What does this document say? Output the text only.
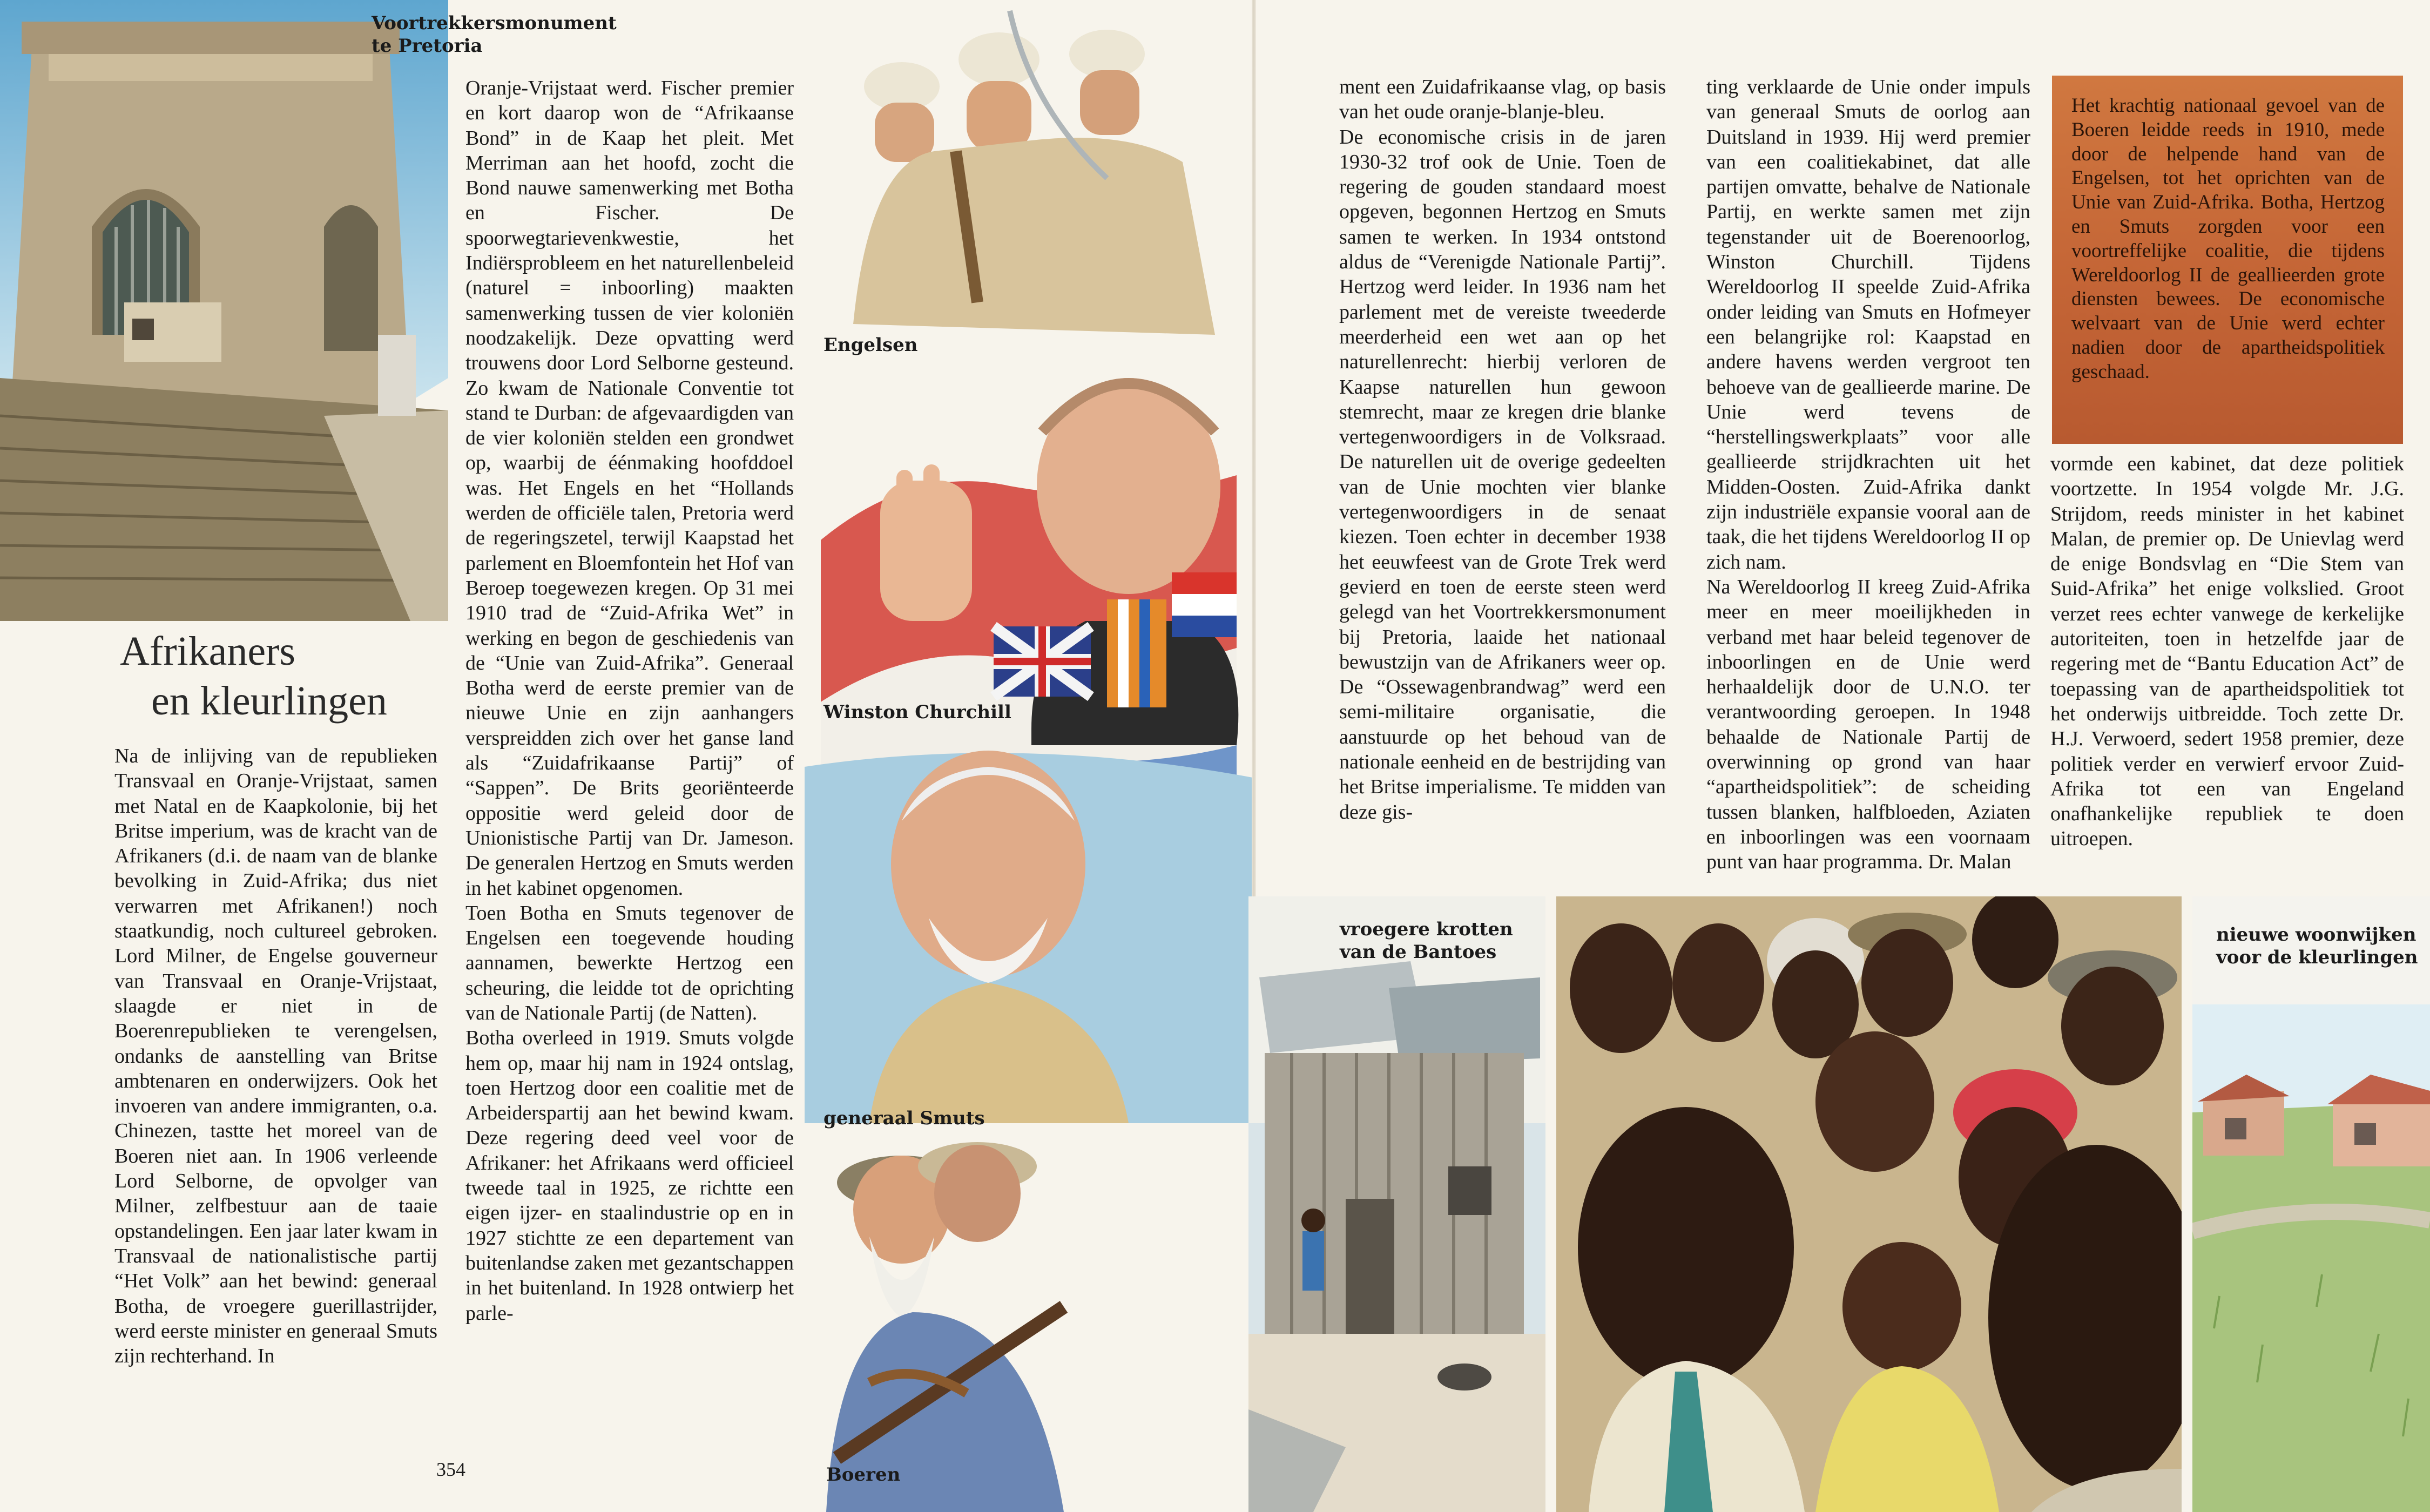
Voortrekkersmonument
te Pretoria
Afrikaners
en kleurlingen
Na de inlijving van de republieken Transvaal en Oranje-Vrijstaat, samen met Natal en de Kaapkolonie, bij het Britse imperium, was de kracht van de Afrikaners (d.i. de naam van de blanke bevolking in Zuid-Afrika; dus niet verwarren met Afrikanen!) noch staatkundig, noch cultureel gebroken. Lord Milner, de Engelse gouverneur van Transvaal en Oranje-Vrijstaat, slaagde er niet in de Boerenrepublieken te verengelsen, ondanks de aanstelling van Britse ambtenaren en onderwijzers. Ook het invoeren van andere immigranten, o.a. Chinezen, tastte het moreel van de Boeren niet aan. In 1906 verleende Lord Selborne, de opvolger van Milner, zelfbestuur aan de taaie opstandelingen. Een jaar later kwam in Transvaal de nationalistische partij “Het Volk” aan het bewind: generaal Botha, de vroegere guerillastrijder, werd eerste minister en generaal Smuts zijn rechterhand. In
Oranje-Vrijstaat werd. Fischer premier en kort daarop won de “Afrikaanse Bond” in de Kaap het pleit. Met Merriman aan het hoofd, zocht die Bond nauwe samenwerking met Botha en Fischer. De spoorwegtarievenkwestie, het Indiërsprobleem en het naturellenbeleid (naturel = inboorling) maakten samenwerking tussen de vier koloniën noodzakelijk. Deze opvatting werd trouwens door Lord Selborne gesteund. Zo kwam de Nationale Conventie tot stand te Durban: de afgevaardigden van de vier koloniën stelden een grondwet op, waarbij de éénmaking hoofddoel was. Het Engels en het “Hollands werden de officiële talen, Pretoria werd de regeringszetel, terwijl Kaapstad het parlement en Bloemfontein het Hof van Beroep toegewezen kregen. Op 31 mei 1910 trad de “Zuid-Afrika Wet” in werking en begon de geschiedenis van de “Unie van Zuid-Afrika”. Generaal Botha werd de eerste premier van de nieuwe Unie en zijn aanhangers verspreidden zich over het ganse land als “Zuidafrikaanse Partij” of “Sappen”. De Brits georiënteerde oppositie werd geleid door de Unionistische Partij van Dr. Jameson. De generalen Hertzog en Smuts werden in het kabinet opgenomen.
Toen Botha en Smuts tegenover de Engelsen een toegevende houding aannamen, bewerkte Hertzog een scheuring, die leidde tot de oprichting van de Nationale Partij (de Natten).
Botha overleed in 1919. Smuts volgde hem op, maar hij nam in 1924 ontslag, toen Hertzog door een coalitie met de Arbeiderspartij aan het bewind kwam. Deze regering deed veel voor de Afrikaner: het Afrikaans werd officieel tweede taal in 1925, ze richtte een eigen ijzer- en staalindustrie op en in 1927 stichtte ze een departement van buitenlandse zaken met gezantschappen in het buitenland. In 1928 ontwierp het parle-
Engelsen
Winston Churchill
generaal Smuts
Boeren
354
ment een Zuidafrikaanse vlag, op basis van het oude oranje-blanje-bleu.
De economische crisis in de jaren 1930-32 trof ook de Unie. Toen de regering de gouden standaard moest opgeven, begonnen Hertzog en Smuts samen te werken. In 1934 ontstond aldus de “Verenigde Nationale Partij”. Hertzog werd leider. In 1936 nam het parlement met de vereiste tweederde meerderheid een wet aan op het naturellenrecht: hierbij verloren de Kaapse naturellen hun gewoon stemrecht, maar ze kregen drie blanke vertegenwoordigers in de Volksraad. De naturellen uit de overige gedeelten van de Unie mochten vier blanke vertegenwoordigers in de senaat kiezen. Toen echter in december 1938 het eeuwfeest van de Grote Trek werd gevierd en toen de eerste steen werd gelegd van het Voortrekkersmonument bij Pretoria, laaide het nationaal bewustzijn van de Afrikaners weer op. De “Ossewagenbrandwag” werd een semi-militaire organisatie, die aanstuurde op het behoud van de nationale eenheid en de bestrijding van het Britse imperialisme. Te midden van deze gis-
ting verklaarde de Unie onder impuls van generaal Smuts de oorlog aan Duitsland in 1939. Hij werd premier van een coalitiekabinet, dat alle partijen omvatte, behalve de Nationale Partij, en werkte samen met zijn tegenstander uit de Boerenoorlog, Winston Churchill. Tijdens Wereldoorlog II speelde Zuid-Afrika onder leiding van Smuts en Hofmeyer een belangrijke rol: Kaapstad en andere havens werden vergroot ten behoeve van de geallieerde marine. De Unie werd tevens de “herstellingswerkplaats” voor alle geallieerde strijdkrachten uit het Midden-Oosten. Zuid-Afrika dankt zijn industriële expansie vooral aan de taak, die het tijdens Wereldoorlog II op zich nam.
Na Wereldoorlog II kreeg Zuid-Afrika meer en meer moeilijkheden in verband met haar beleid tegenover de inboorlingen en de Unie werd herhaaldelijk door de U.N.O. ter verantwoording geroepen. In 1948 behaalde de Nationale Partij de overwinning op grond van haar “apartheidspolitiek”: de scheiding tussen blanken, halfbloeden, Aziaten en inboorlingen was een voornaam punt van haar programma. Dr. Malan
Het krachtig nationaal gevoel van de Boeren leidde reeds in 1910, mede door de helpende hand van de Engelsen, tot het oprichten van de Unie van Zuid-Afrika. Botha, Hertzog en Smuts zorgden voor een voortreffelijke coalitie, die tijdens Wereldoorlog II de geallieerden grote diensten bewees. De economische welvaart van de Unie werd echter nadien door de apartheidspolitiek geschaad.
vormde een kabinet, dat deze politiek voortzette. In 1954 volgde Mr. J.G. Strijdom, reeds minister in het kabinet Malan, de premier op. De Unievlag werd de enige Bondsvlag en “Die Stem van Suid-Afrika” het enige volkslied. Groot verzet rees echter vanwege de kerkelijke autoriteiten, toen in hetzelfde jaar de regering met de “Bantu Education Act” de toepassing van de apartheidspolitiek tot het onderwijs uitbreidde. Toch zette Dr. H.J. Verwoerd, sedert 1958 premier, deze politiek verder en verwierf ervoor Zuid-Afrika tot een van Engeland onafhankelijke republiek te doen uitroepen.
vroegere krotten
van de Bantoes
nieuwe woonwijken
voor de kleurlingen
